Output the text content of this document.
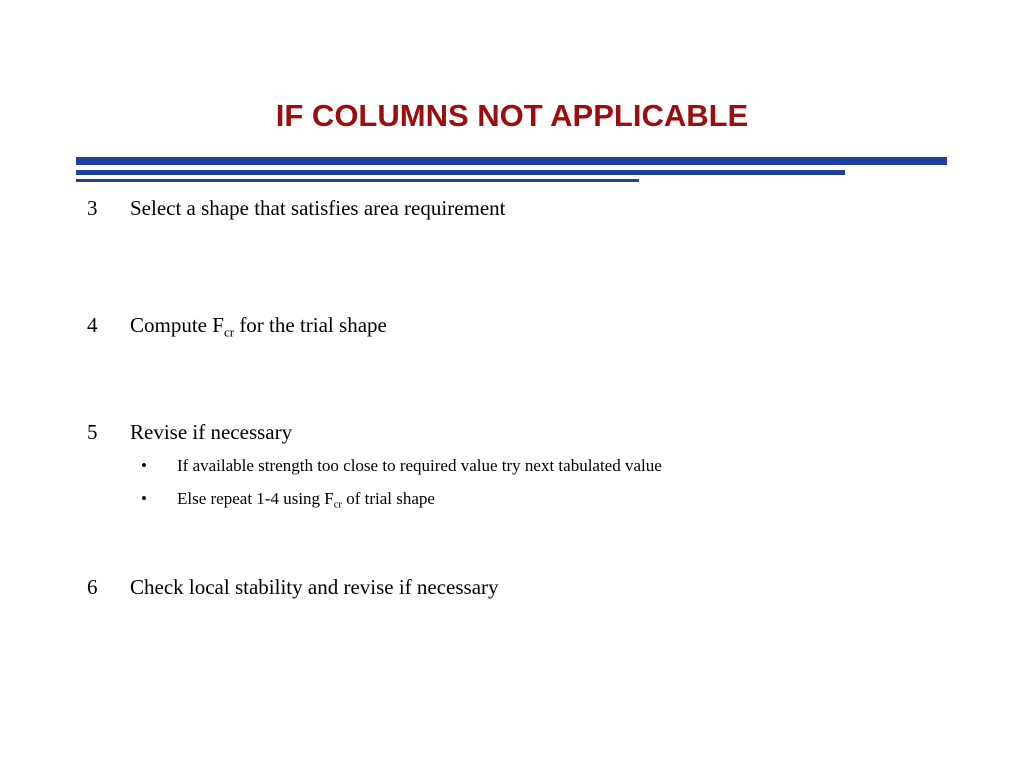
IF COLUMNS NOT APPLICABLE
3	Select a shape that satisfies area requirement
4	Compute $F_{cr}$ for the trial shape
5	Revise if necessary
• If available strength too close to required value try next tabulated value
• Else repeat 1-4 using $F_{cr}$ of trial shape
6	Check local stability and revise if necessary
